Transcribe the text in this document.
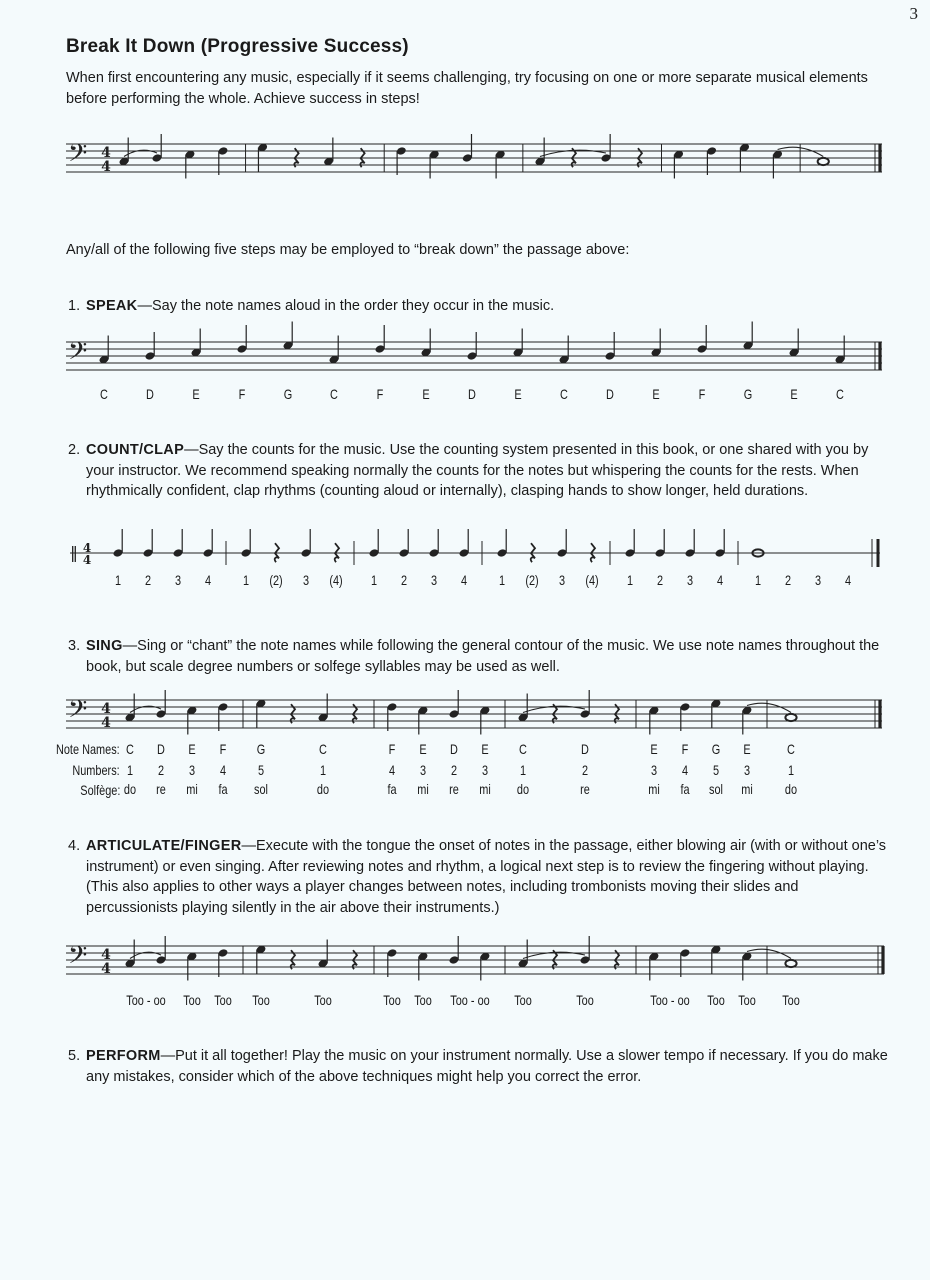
3
Break It Down (Progressive Success)

When first encountering any music, especially if it seems challenging, try focusing on one or more separate musical elements before performing the whole. Achieve success in steps!

𝄢 4
4

Any/all of the following five steps may be employed to “break down” the passage above:

1. SPEAK—Say the note names aloud in the order they occur in the music.
𝄢
C	D	E	F	G	C	F	E	D	E	C	D	E	F	G	E	C
2. COUNT/CLAP—Say the counts for the music. Use the counting system presented in this book, or one shared with you by your instructor. We recommend speaking normally the counts for the notes but whispering the counts for the rests. When rhythmically confident, clap rhythms (counting aloud or internally), clasping hands to show longer, held durations.
‖ 4
4
1 2 3 4 1 (2) 3 (4) 1 2 3 4 1 (2) 3 (4) 1 2 3 4 1 2 3 4
3. SING—Sing or “chant” the note names while following the general contour of the music. We use note names throughout the book, but scale degree numbers or solfege syllables may be used as well.
𝄢 4
4
C D E F G	C	F E D E C	D	E F G E	C
1 2 3 4 5	1	4 3 2 3 1	2	3 4 5 3	1
do re mi fa sol	do	fa mi re mi do	re	mi fa sol mi do
Note Names:
Numbers:
Solfège:
4. ARTICULATE/FINGER—Execute with the tongue the onset of notes in the passage, either blowing air (with or without one’s instrument) or even singing. After reviewing notes and rhythm, a logical next step is to review the fingering without playing. (This also applies to other ways a player changes between notes, including trombonists moving their slides and percussionists playing silently in the air above their instruments.)
𝄢 4
4
Too - oo Too Too Too	Too	Too Too Too - oo Too	Too	Too - oo Too Too Too
5. PERFORM—Put it all together! Play the music on your instrument normally. Use a slower tempo if necessary. If you do make any mistakes, consider which of the above techniques might help you correct the error.
